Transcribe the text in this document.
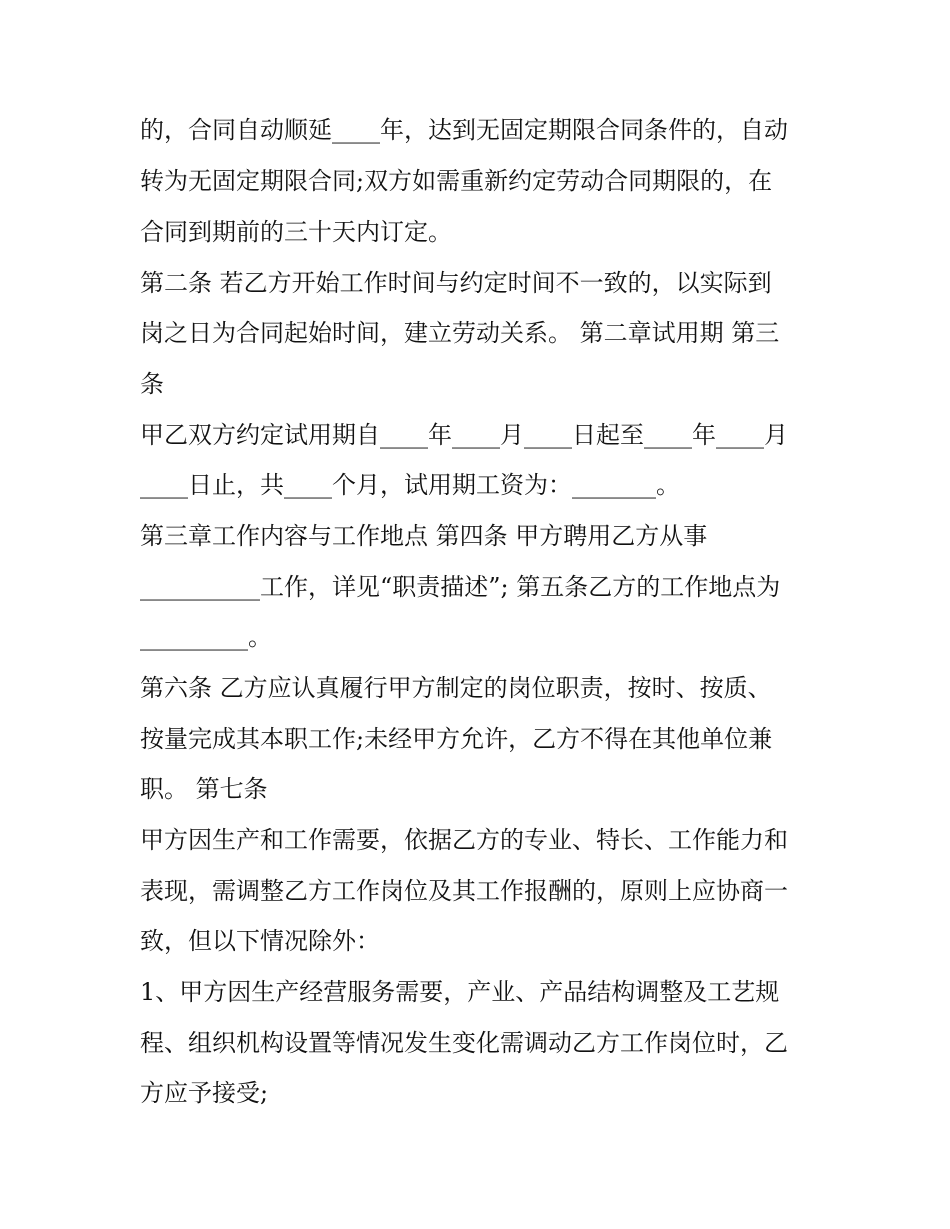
的，合同自动顺延____年，达到无固定期限合同条件的，自动
转为无固定期限合同;双方如需重新约定劳动合同期限的，在
合同到期前的三十天内订定。
第二条 若乙方开始工作时间与约定时间不一致的，以实际到
岗之日为合同起始时间，建立劳动关系。 第二章试用期 第三
条
甲乙双方约定试用期自____年____月____日起至____年____月
____日止，共____个月，试用期工资为：_______。
第三章工作内容与工作地点 第四条 甲方聘用乙方从事
__________工作，详见“职责描述”; 第五条乙方的工作地点为
_________。
第六条 乙方应认真履行甲方制定的岗位职责，按时、按质、
按量完成其本职工作;未经甲方允许，乙方不得在其他单位兼
职。 第七条
甲方因生产和工作需要，依据乙方的专业、特长、工作能力和
表现，需调整乙方工作岗位及其工作报酬的，原则上应协商一
致，但以下情况除外：
1、甲方因生产经营服务需要，产业、产品结构调整及工艺规
程、组织机构设置等情况发生变化需调动乙方工作岗位时，乙
方应予接受;
